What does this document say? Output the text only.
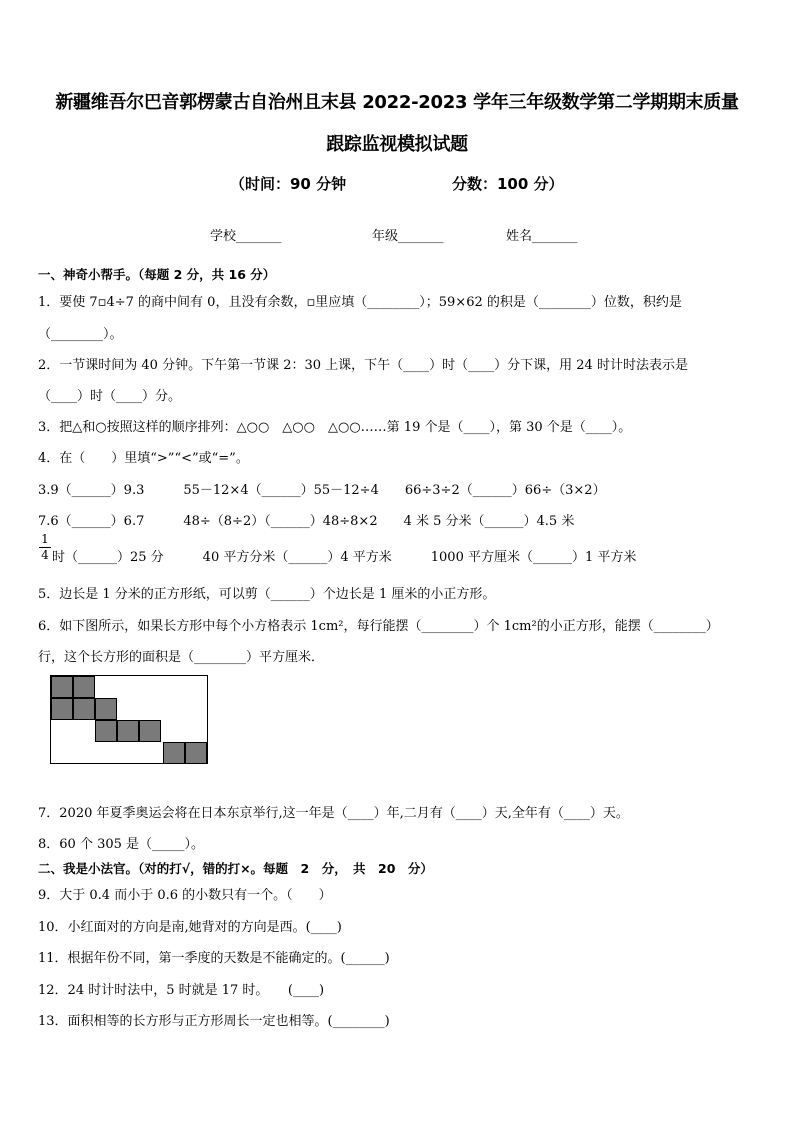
新疆维吾尔巴音郭楞蒙古自治州且末县 2022-2023 学年三年级数学第二学期期末质量
跟踪监视模拟试题
（时间：90 分钟	分数：100 分）
学校_______	年级_______	姓名_______
一、神奇小帮手。（每题 2 分，共 16 分）
1．要使 7▫4÷7 的商中间有 0，且没有余数，▫里应填（________）；59×62 的积是（________）位数，积约是
（________）。
2．一节课时间为 40 分钟。下午第一节课 2：30 上课，下午（____）时（____）分下课，用 24 时计时法表示是
（____）时（____）分。
3．把△和○按照这样的顺序排列：△○○　△○○　△○○……第 19 个是（____），第 30 个是（____）。
4．在（　　）里填“>”“<”或“=”。
3.9（______）9.3　　　55－12×4（______）55－12÷4　　66÷3÷2（______）66÷（3×2）
7.6（______）6.7　　　48÷（8÷2）（______）48÷8×2　　4 米 5 分米（______）4.5 米
1
4 时（______）25 分　　　40 平方分米（______）4 平方米　　　1000 平方厘米（______）1 平方米
5．边长是 1 分米的正方形纸，可以剪（______）个边长是 1 厘米的小正方形。
6．如下图所示，如果长方形中每个小方格表示 1cm²，每行能摆（________）个 1cm²的小正方形，能摆（________）
行，这个长方形的面积是（________）平方厘米．
7．2020 年夏季奥运会将在日本东京举行,这一年是（____）年,二月有（____）天,全年有（____）天。
8．60 个 305 是（_____）。
二、我是小法官。（对的打√，错的打×。每题　2　分，　共　20　分）
9．大于 0.4 而小于 0.6 的小数只有一个。（　　）
10．小红面对的方向是南,她背对的方向是西。(____)
11．根据年份不同，第一季度的天数是不能确定的。(______)
12．24 时计时法中，5 时就是 17 时。　　(____)
13．面积相等的长方形与正方形周长一定也相等。(________)
